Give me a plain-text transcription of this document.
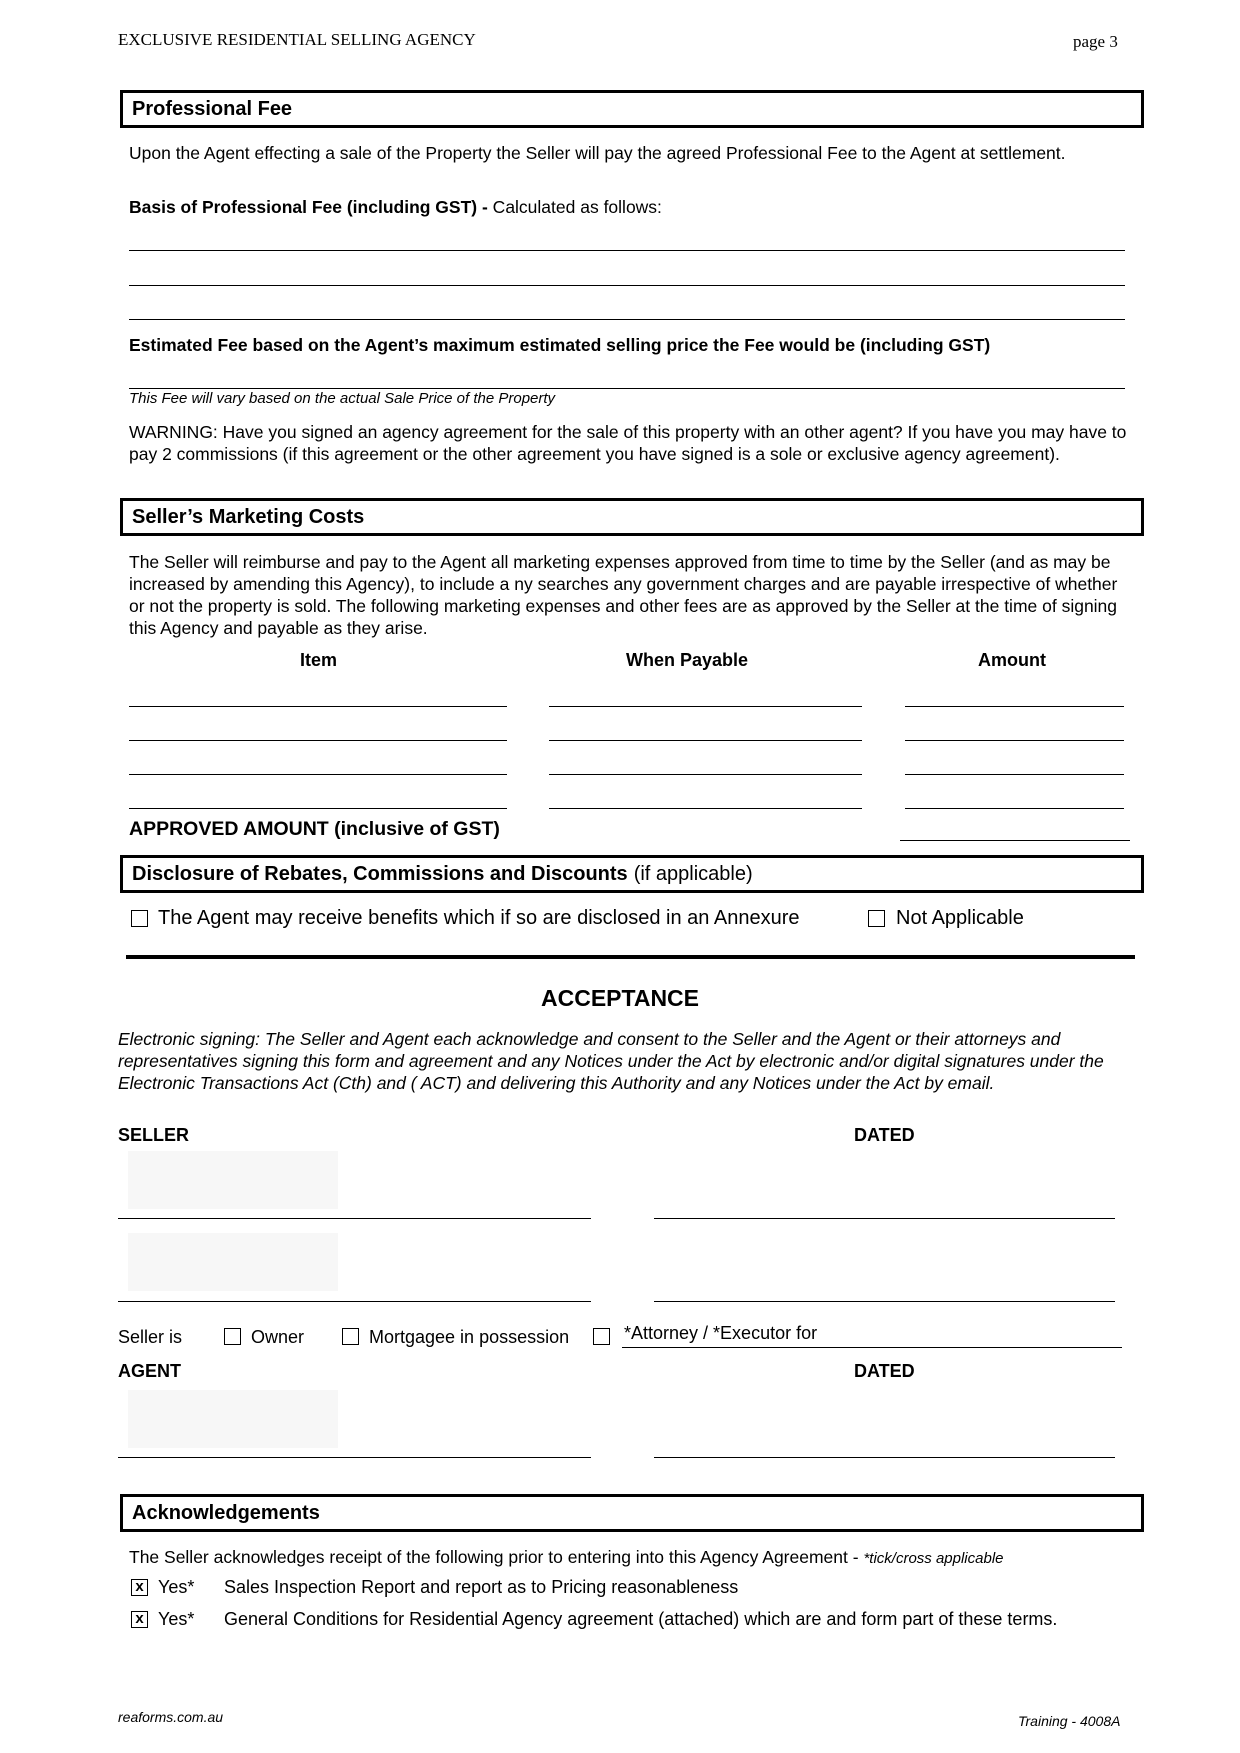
EXCLUSIVE RESIDENTIAL SELLING AGENCY	page 3
Professional Fee
Upon the Agent effecting a sale of the Property the Seller will pay the agreed Professional Fee to the Agent at settlement.
Basis of Professional Fee (including GST) - Calculated as follows:
Estimated Fee based on the Agent’s maximum estimated selling price the Fee would be (including GST)
This Fee will vary based on the actual Sale Price of the Property
WARNING: Have you signed an agency agreement for the sale of this property with an other agent? If you have you may have to pay 2 commissions (if this agreement or the other agreement you have signed is a sole or exclusive agency agreement).
Seller’s Marketing Costs
The Seller will reimburse and pay to the Agent all marketing expenses approved from time to time by the Seller (and as may be increased by amending this Agency), to include a ny searches any government charges and are payable irrespective of whether or not the property is sold. The following marketing expenses and other fees are as approved by the Seller at the time of signing this Agency and payable as they arise.
Item	When Payable	Amount
APPROVED AMOUNT (inclusive of GST)
Disclosure of Rebates, Commissions and Discounts (if applicable)
The Agent may receive benefits which if so are disclosed in an Annexure	Not Applicable
ACCEPTANCE
Electronic signing: The Seller and Agent each acknowledge and consent to the Seller and the Agent or their attorneys and representatives signing this form and agreement and any Notices under the Act by electronic and/or digital signatures under the Electronic Transactions Act (Cth) and ( ACT) and delivering this Authority and any Notices under the Act by email.
SELLER	DATED
Seller is	Owner	Mortgagee in possession	*Attorney / *Executor for
AGENT	DATED
Acknowledgements
The Seller acknowledges receipt of the following prior to entering into this Agency Agreement - *tick/cross applicable
x Yes* Sales Inspection Report and report as to Pricing reasonableness
x Yes* General Conditions for Residential Agency agreement (attached) which are and form part of these terms.
reaforms.com.au	Training - 4008A
